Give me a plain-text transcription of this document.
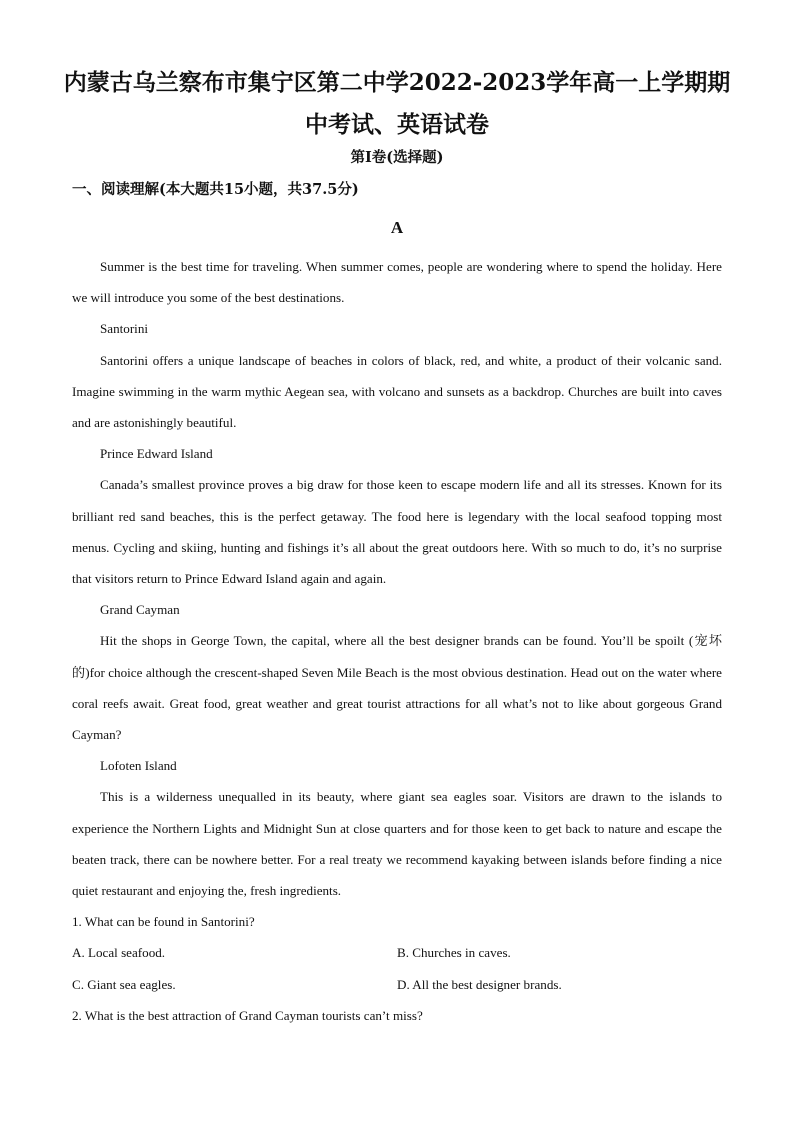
内蒙古乌兰察布市集宁区第二中学2022-2023学年高一上学期期中考试、英语试卷
第I卷(选择题)
一、阅读理解(本大题共15小题，共37.5分)
A

Summer is the best time for traveling. When summer comes, people are wondering where to spend the holiday. Here we will introduce you some of the best destinations.

Santorini

Santorini offers a unique landscape of beaches in colors of black, red, and white, a product of their volcanic sand. Imagine swimming in the warm mythic Aegean sea, with volcano and sunsets as a backdrop. Churches are built into caves and are astonishingly beautiful.

Prince Edward Island

Canada’s smallest province proves a big draw for those keen to escape modern life and all its stresses. Known for its brilliant red sand beaches, this is the perfect getaway. The food here is legendary with the local seafood topping most menus. Cycling and skiing, hunting and fishings it’s all about the great outdoors here. With so much to do, it’s no surprise that visitors return to Prince Edward Island again and again.

Grand Cayman

Hit the shops in George Town, the capital, where all the best designer brands can be found. You’ll be spoilt (宠坏的)for choice although the crescent-shaped Seven Mile Beach is the most obvious destination. Head out on the water where coral reefs await. Great food, great weather and great tourist attractions for all what’s not to like about gorgeous Grand Cayman?

Lofoten Island

This is a wilderness unequalled in its beauty, where giant sea eagles soar. Visitors are drawn to the islands to experience the Northern Lights and Midnight Sun at close quarters and for those keen to get back to nature and escape the beaten track, there can be nowhere better. For a real treaty we recommend kayaking between islands before finding a nice quiet restaurant and enjoying the, fresh ingredients.

1. What can be found in Santorini?
A. Local seafood.	B. Churches in caves.
C. Giant sea eagles.	D. All the best designer brands.
2. What is the best attraction of Grand Cayman tourists can’t miss?
